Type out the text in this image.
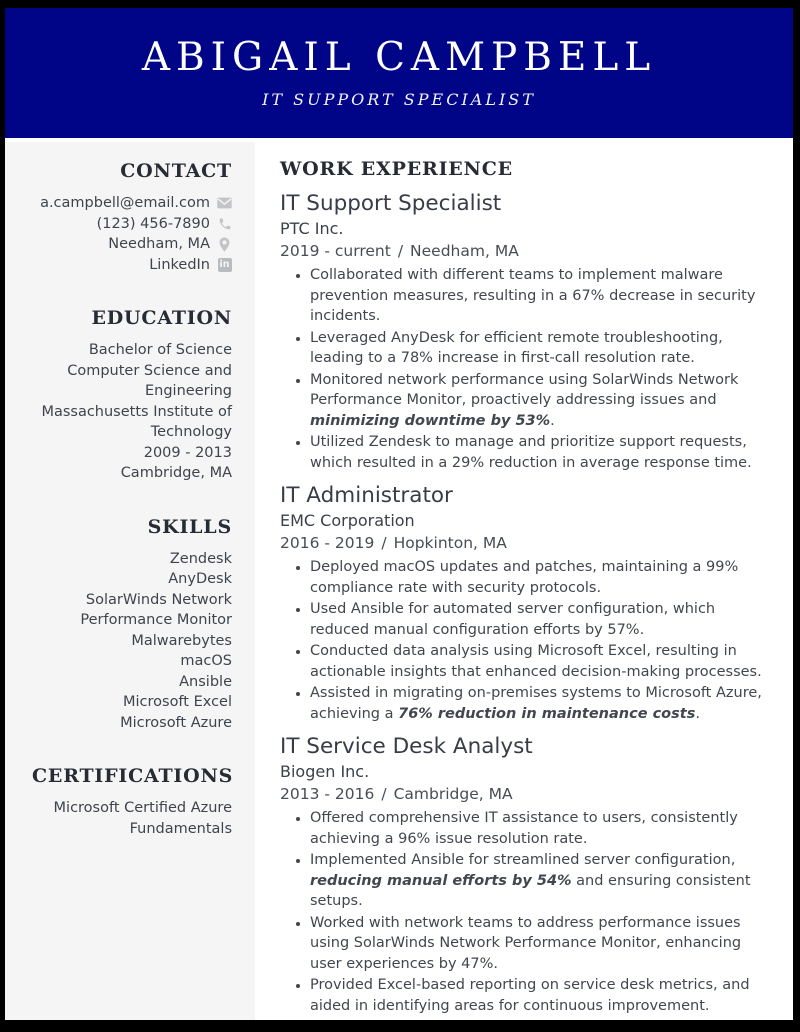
ABIGAIL CAMPBELL
IT SUPPORT SPECIALIST
CONTACT
a.campbell@email.com
(123) 456-7890
Needham, MA
LinkedIn in
EDUCATION
Bachelor of Science
Computer Science and Engineering
Massachusetts Institute of Technology
2009 - 2013
Cambridge, MA
SKILLS
Zendesk
AnyDesk
SolarWinds Network Performance Monitor
Malwarebytes
macOS
Ansible
Microsoft Excel
Microsoft Azure
CERTIFICATIONS
Microsoft Certified Azure Fundamentals
WORK EXPERIENCE
IT Support Specialist
PTC Inc.
2019 - current / Needham, MA
• Collaborated with different teams to implement malware prevention measures, resulting in a 67% decrease in security incidents.
• Leveraged AnyDesk for efficient remote troubleshooting, leading to a 78% increase in first-call resolution rate.
• Monitored network performance using SolarWinds Network Performance Monitor, proactively addressing issues and minimizing downtime by 53%.
• Utilized Zendesk to manage and prioritize support requests, which resulted in a 29% reduction in average response time.
IT Administrator
EMC Corporation
2016 - 2019 / Hopkinton, MA
• Deployed macOS updates and patches, maintaining a 99% compliance rate with security protocols.
• Used Ansible for automated server configuration, which reduced manual configuration efforts by 57%.
• Conducted data analysis using Microsoft Excel, resulting in actionable insights that enhanced decision-making processes.
• Assisted in migrating on-premises systems to Microsoft Azure, achieving a 76% reduction in maintenance costs.
IT Service Desk Analyst
Biogen Inc.
2013 - 2016 / Cambridge, MA
• Offered comprehensive IT assistance to users, consistently achieving a 96% issue resolution rate.
• Implemented Ansible for streamlined server configuration, reducing manual efforts by 54% and ensuring consistent setups.
• Worked with network teams to address performance issues using SolarWinds Network Performance Monitor, enhancing user experiences by 47%.
• Provided Excel-based reporting on service desk metrics, and aided in identifying areas for continuous improvement.
